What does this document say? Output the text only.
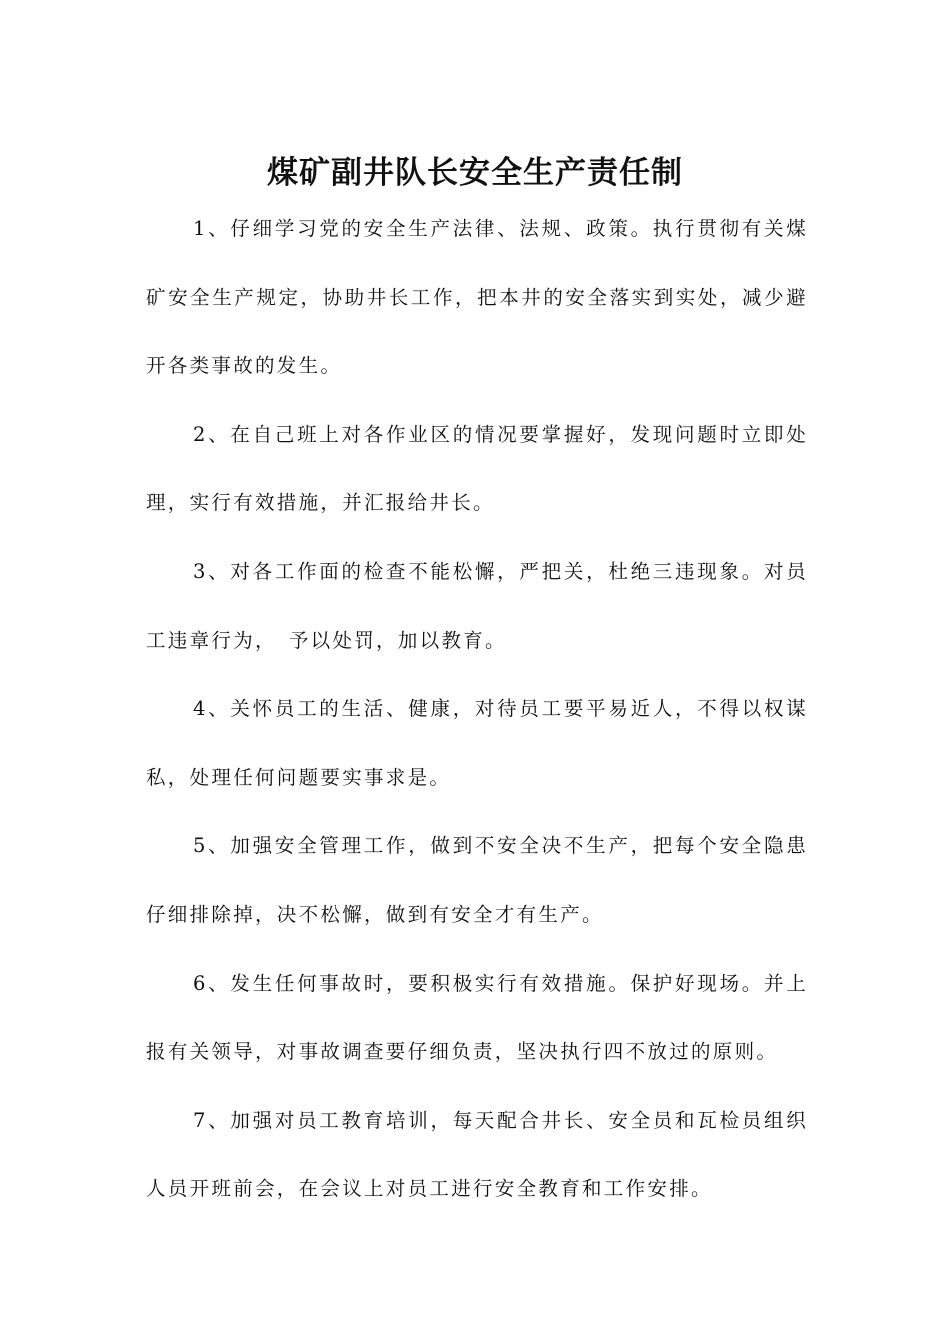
煤矿副井队长安全生产责任制

1、仔细学习党的安全生产法律、法规、政策。执行贯彻有关煤矿安全生产规定，协助井长工作，把本井的安全落实到实处，减少避开各类事故的发生。

2、在自己班上对各作业区的情况要掌握好，发现问题时立即处理，实行有效措施，并汇报给井长。

3、对各工作面的检查不能松懈，严把关，杜绝三违现象。对员工违章行为，　予以处罚，加以教育。

4、关怀员工的生活、健康，对待员工要平易近人，不得以权谋私，处理任何问题要实事求是。

5、加强安全管理工作，做到不安全决不生产，把每个安全隐患仔细排除掉，决不松懈，做到有安全才有生产。

6、发生任何事故时，要积极实行有效措施。保护好现场。并上报有关领导，对事故调查要仔细负责，坚决执行四不放过的原则。

7、加强对员工教育培训，每天配合井长、安全员和瓦检员组织人员开班前会，在会议上对员工进行安全教育和工作安排。
